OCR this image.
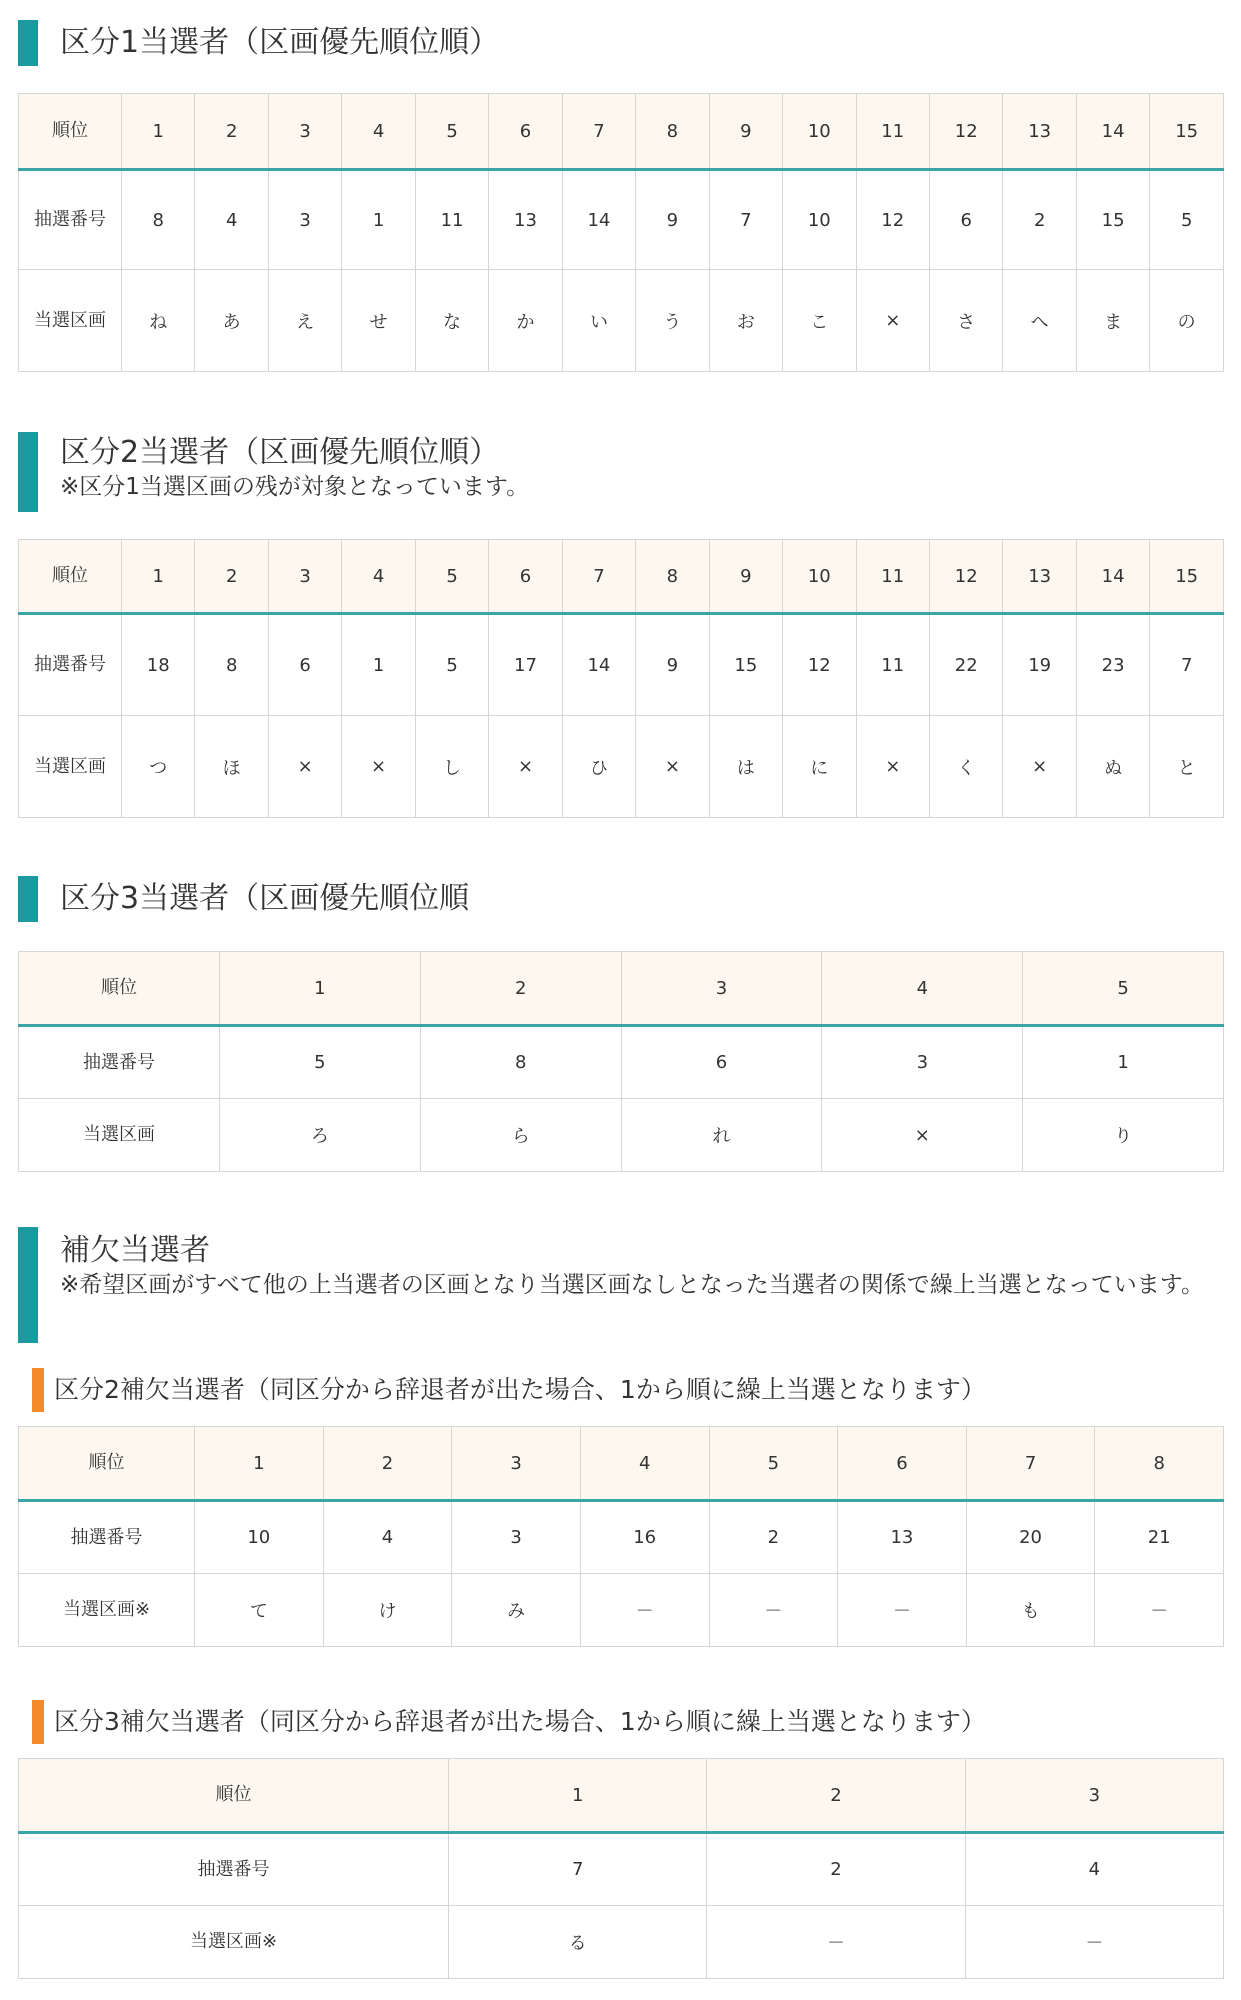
区分1当選者（区画優先順位順）
順位	1	2	3	4	5	6	7	8	9	10	11	12	13	14	15
抽選番号	8	4	3	1	11	13	14	9	7	10	12	6	2	15	5
当選区画	ね	あ	え	せ	な	か	い	う	お	こ	×	さ	へ	ま	の
区分2当選者（区画優先順位順）
※区分1当選区画の残が対象となっています。
順位	1	2	3	4	5	6	7	8	9	10	11	12	13	14	15
抽選番号	18	8	6	1	5	17	14	9	15	12	11	22	19	23	7
当選区画	つ	ほ	×	×	し	×	ひ	×	は	に	×	く	×	ぬ	と
区分3当選者（区画優先順位順
順位	1	2	3	4	5
抽選番号	5	8	6	3	1
当選区画	ろ	ら	れ	×	り
補欠当選者
※希望区画がすべて他の上当選者の区画となり当選区画なしとなった当選者の関係で繰上当選となっています。
区分2補欠当選者（同区分から辞退者が出た場合、1から順に繰上当選となります）
順位	1	2	3	4	5	6	7	8
抽選番号	10	4	3	16	2	13	20	21
当選区画※	て	け	み	－	－	－	も	－
区分3補欠当選者（同区分から辞退者が出た場合、1から順に繰上当選となります）
順位	1	2	3
抽選番号	7	2	4
当選区画※	る	－	－
